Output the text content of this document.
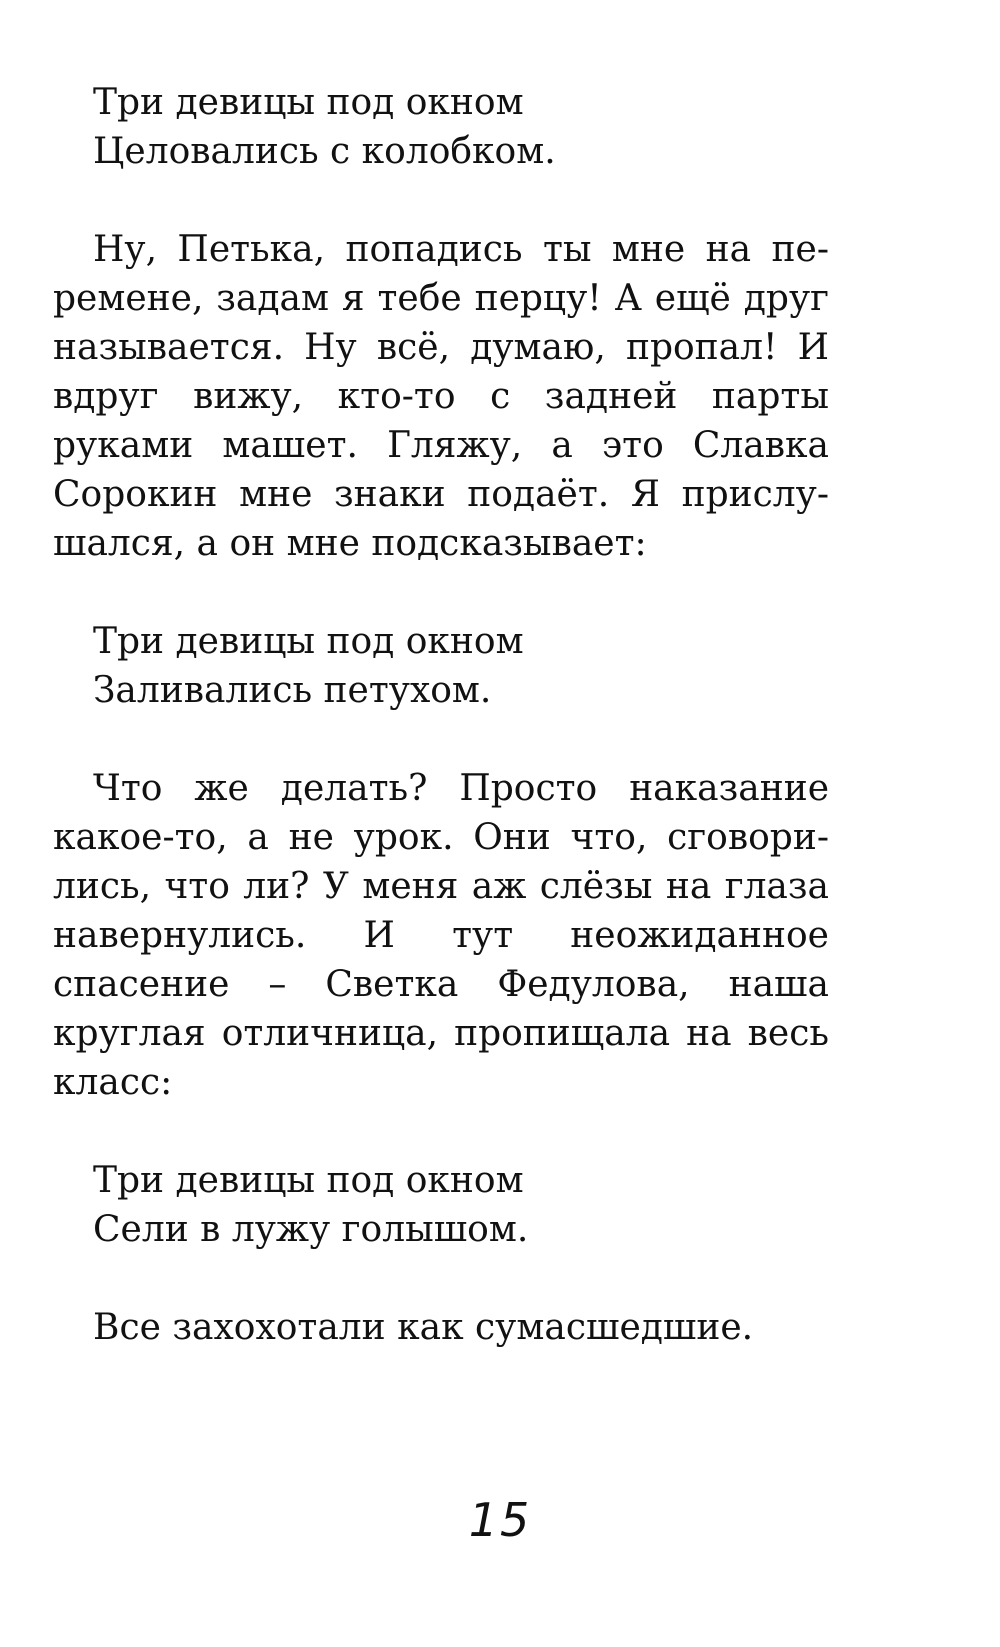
Три девицы под окном
Целовались с колобком.

Ну, Петька, попадись ты мне на перемене, задам я тебе перцу! А ещё друг называется. Ну всё, думаю, пропал! И вдруг вижу, кто-то с задней парты руками машет. Гляжу, а это Славка Сорокин мне знаки подаёт. Я прислушался, а он мне подсказывает:

Три девицы под окном
Заливались петухом.

Что же делать? Просто наказание какое-то, а не урок. Они что, сговорились, что ли? У меня аж слёзы на глаза навернулись. И тут неожиданное спасение – Светка Федулова, наша круглая отличница, пропищала на весь класс:

Три девицы под окном
Сели в лужу голышом.
Все захохотали как сумасшедшие.
15
